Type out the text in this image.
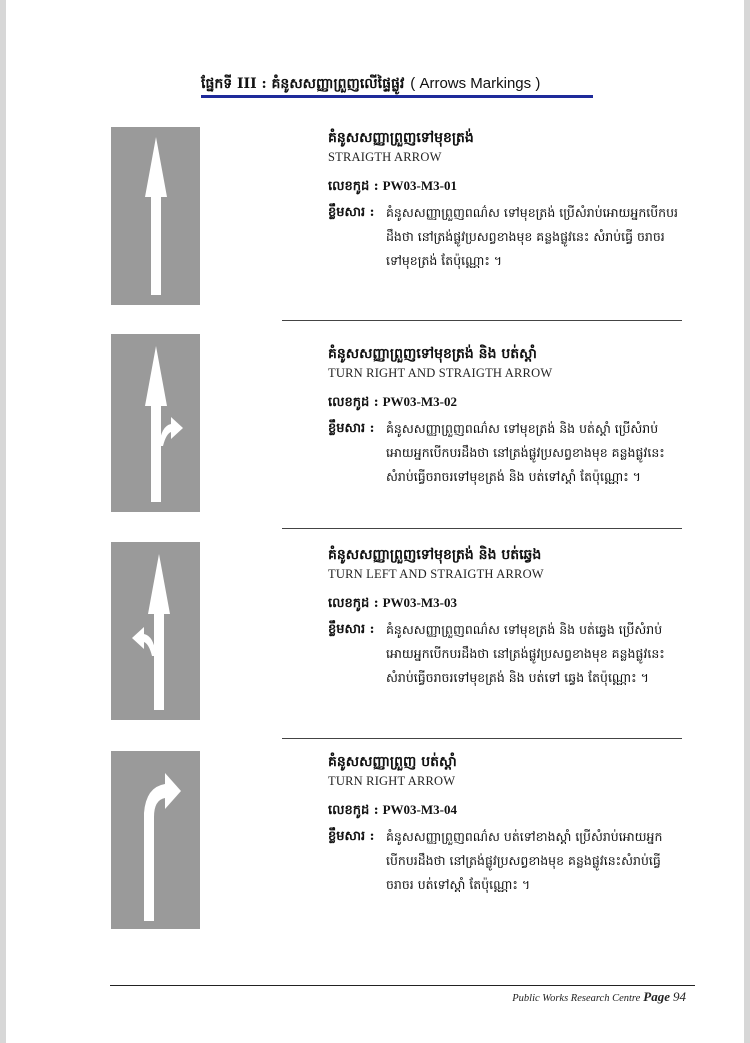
ផ្នែកទី III : គំនូសសញ្ញាព្រួញលើផ្ទៃផ្លូវ ( Arrows Markings )
គំនូសសញ្ញាព្រួញទៅមុខត្រង់
STRAIGTH ARROW
លេខកូដ : PW03-M3-01
ខ្លឹមសារ : គំនូសសញ្ញាព្រួញពណ៌ស ទៅមុខត្រង់ ប្រើសំរាប់អោយអ្នកបើកបរដឹងថា នៅត្រង់ផ្លូវប្រសព្វខាងមុខ គន្លងផ្លូវនេះ សំរាប់ធ្វើ ចរាចរទៅមុខត្រង់ តែប៉ុណ្ណោះ ។
គំនូសសញ្ញាព្រួញទៅមុខត្រង់ និង បត់ស្តាំ
TURN RIGHT AND STRAIGTH ARROW
លេខកូដ : PW03-M3-02
ខ្លឹមសារ : គំនូសសញ្ញាព្រួញពណ៌ស ទៅមុខត្រង់ និង បត់ស្តាំ ប្រើសំរាប់អោយអ្នកបើកបរដឹងថា នៅត្រង់ផ្លូវប្រសព្វខាងមុខ គន្លងផ្លូវនេះសំរាប់ធ្វើចរាចរទៅមុខត្រង់ និង បត់ទៅស្តាំ តែប៉ុណ្ណោះ ។
គំនូសសញ្ញាព្រួញទៅមុខត្រង់ និង បត់ឆ្វេង
TURN LEFT AND STRAIGTH ARROW
លេខកូដ : PW03-M3-03
ខ្លឹមសារ : គំនូសសញ្ញាព្រួញពណ៌ស ទៅមុខត្រង់ និង បត់ឆ្វេង ប្រើសំរាប់អោយអ្នកបើកបរដឹងថា នៅត្រង់ផ្លូវប្រសព្វខាងមុខ គន្លងផ្លូវនេះសំរាប់ធ្វើចរាចរទៅមុខត្រង់ និង បត់ទៅ ឆ្វេង តែប៉ុណ្ណោះ ។
គំនូសសញ្ញាព្រួញ បត់ស្តាំ
TURN RIGHT ARROW
លេខកូដ : PW03-M3-04
ខ្លឹមសារ : គំនូសសញ្ញាព្រួញពណ៌ស បត់ទៅខាងស្តាំ ប្រើសំរាប់អោយអ្នកបើកបរដឹងថា នៅត្រង់ផ្លូវប្រសព្វខាងមុខ គន្លងផ្លូវនេះសំរាប់ធ្វើចរាចរ បត់ទៅស្តាំ តែប៉ុណ្ណោះ ។
Public Works Research Centre Page 94
